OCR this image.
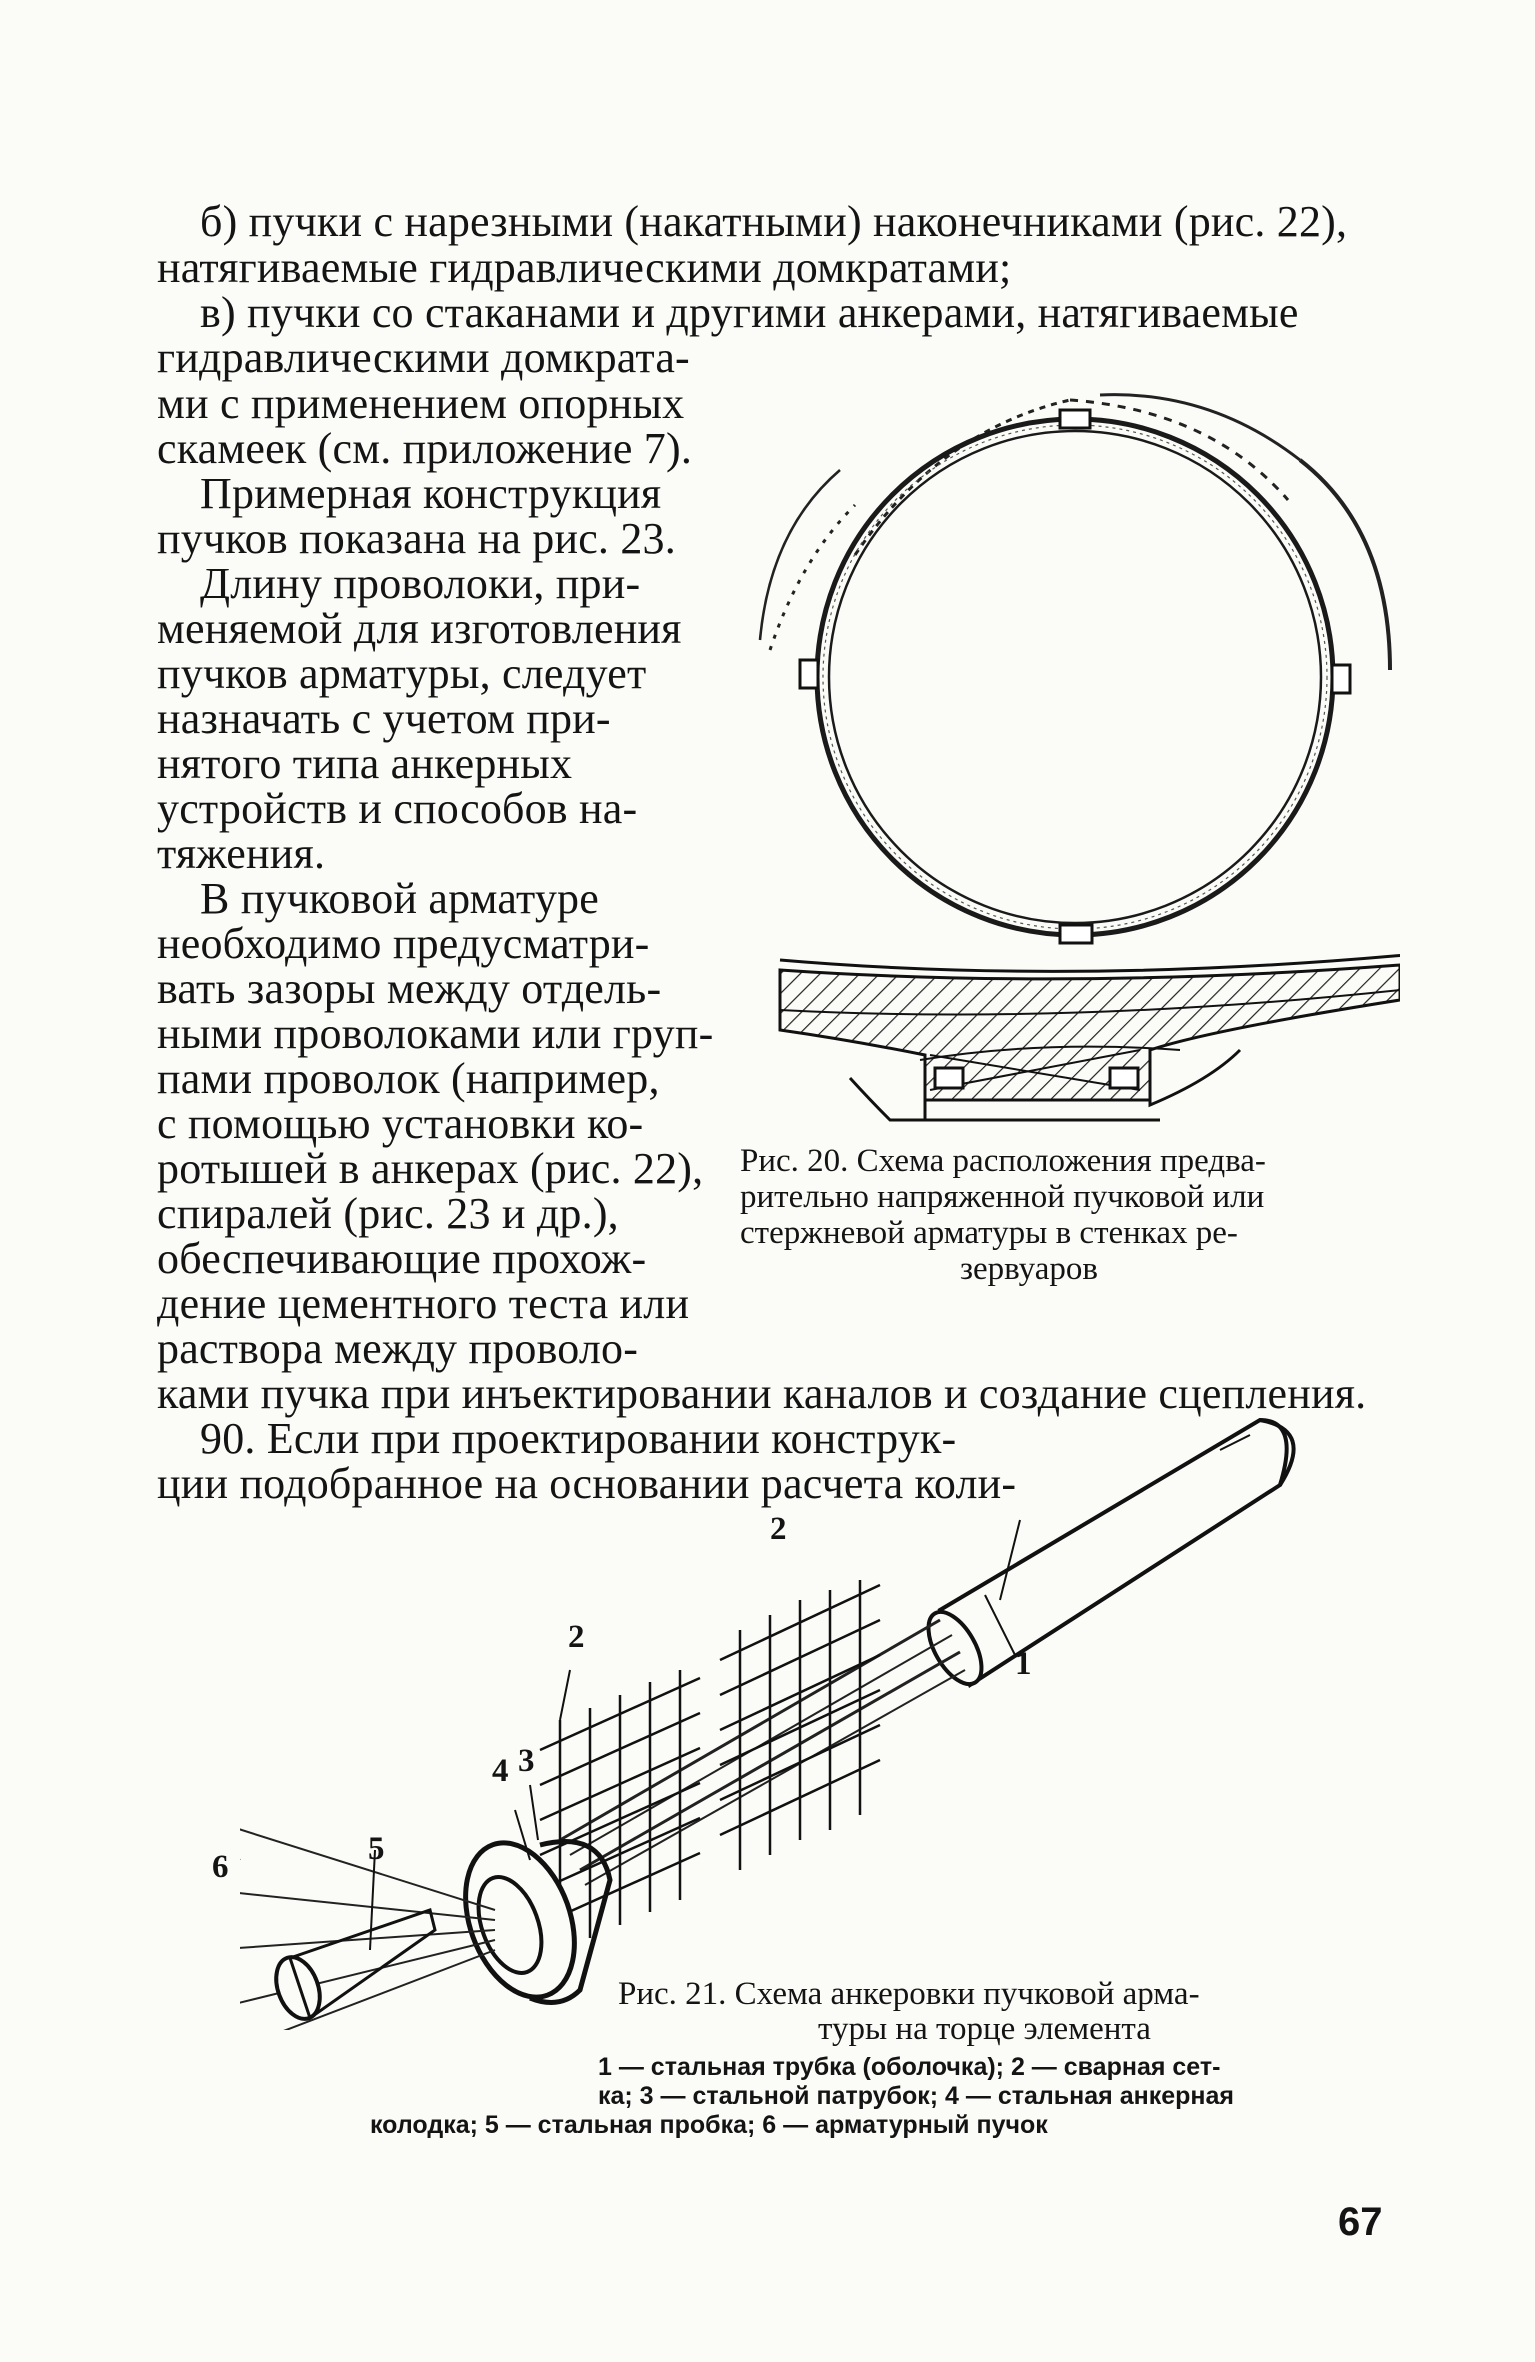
б) пучки с нарезными (накатными) наконечниками (рис. 22),
натягиваемые гидравлическими домкратами;
в) пучки со стаканами и другими анкерами, натягиваемые
гидравлическими домкрата-
ми с применением опорных
скамеек (см. приложение 7).
Примерная конструкция
пучков показана на рис. 23.
Длину проволоки, при-
меняемой для изготовления
пучков арматуры, следует
назначать с учетом при-
нятого типа анкерных
устройств и способов на-
тяжения.
В пучковой арматуре
необходимо предусматри-
вать зазоры между отдель-
ными проволоками или груп-
пами проволок (например,
с помощью установки ко-
ротышей в анкерах (рис. 22),
спиралей (рис. 23 и др.),
обеспечивающие прохож-
дение цементного теста или
раствора между проволо-
ками пучка при инъектировании каналов и создание сцепления.
90. Если при проектировании конструк-
ции подобранное на основании расчета коли-
Рис. 20. Схема расположения предва-
рительно напряженной пучковой или
стержневой арматуры в стенках ре-
зервуаров
1
2
2
3
4
5
6
Рис. 21. Схема анкеровки пучковой арма-
туры на торце элемента
1 — стальная трубка (оболочка); 2 — сварная сет-
ка; 3 — стальной патрубок; 4 — стальная анкерная
колодка; 5 — стальная пробка; 6 — арматурный пучок
67
